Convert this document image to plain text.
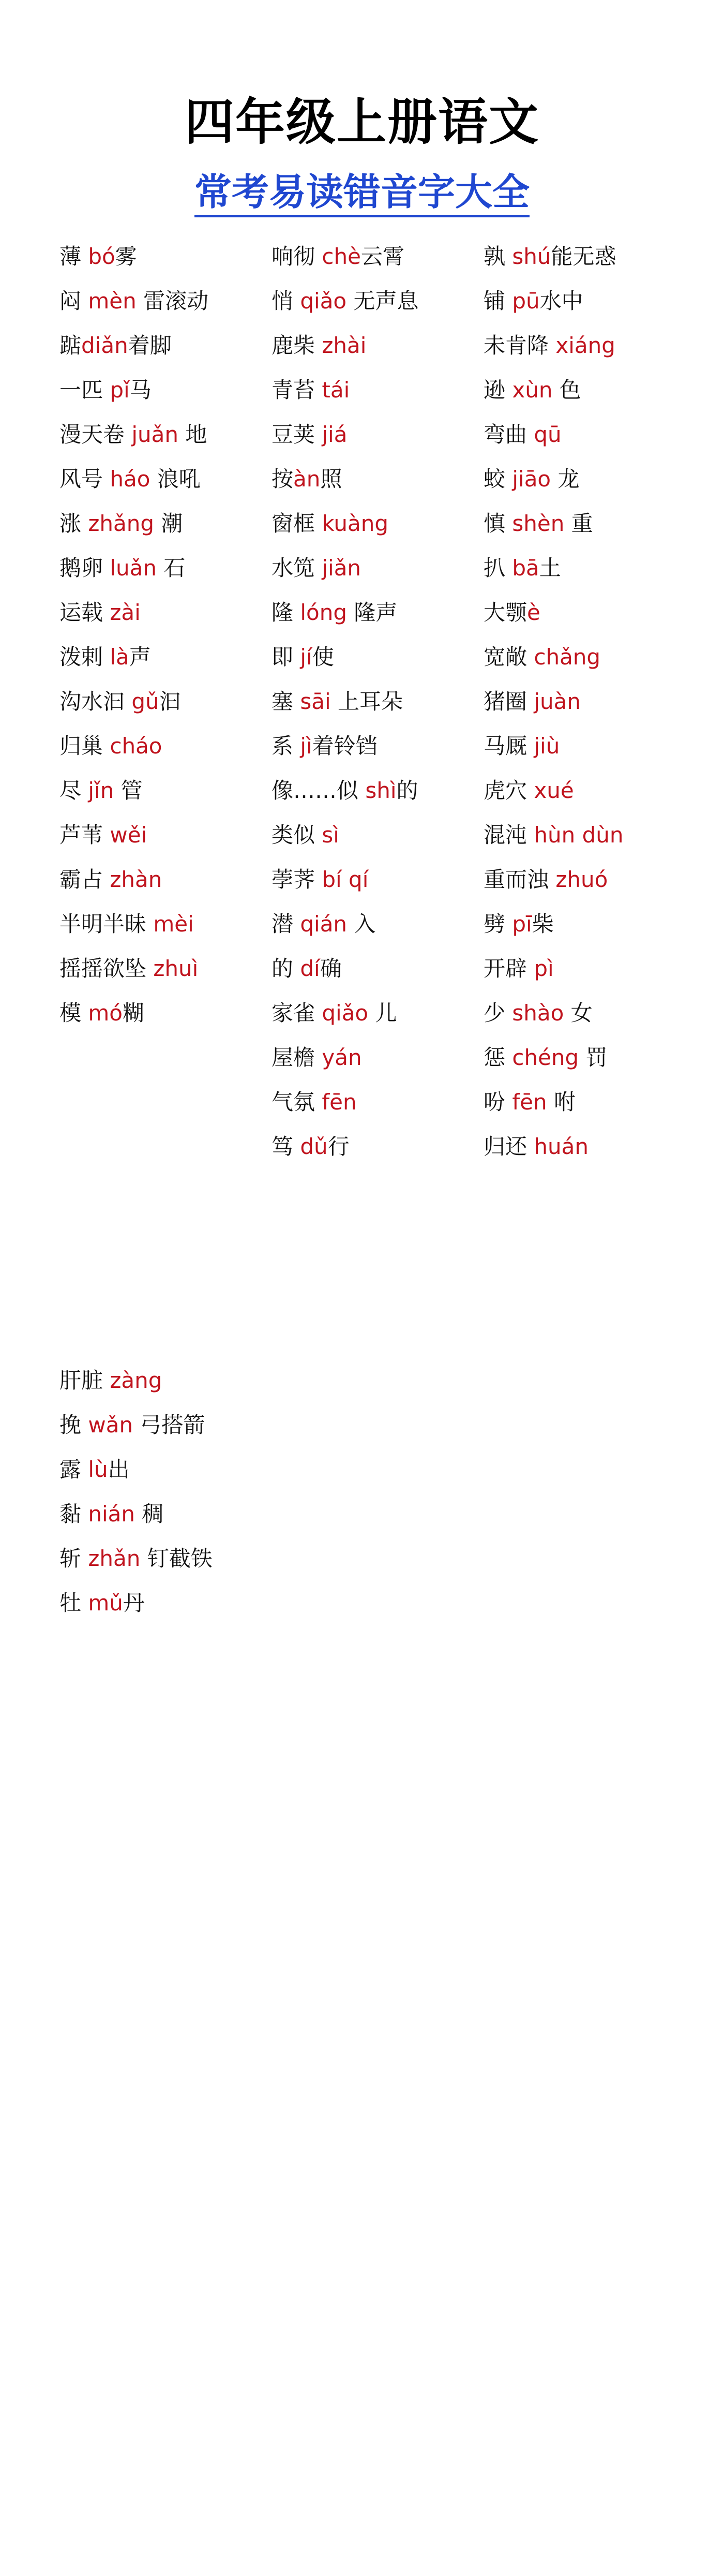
四年级上册语文
常考易读错音字大全
薄 bó雾
闷 mèn 雷滚动
踮diǎn着脚
一匹 pǐ马
漫天卷 juǎn 地
风号 háo 浪吼
涨 zhǎng 潮
鹅卵 luǎn 石
运载 zài
泼剌 là声
沟水汩 gǔ汩
归巢 cháo
尽 jǐn 管
芦苇 wěi
霸占 zhàn
半明半昧 mèi
摇摇欲坠 zhuì
模 mó糊
响彻 chè云霄
悄 qiǎo 无声息
鹿柴 zhài
青苔 tái
豆荚 jiá
按àn照
窗框 kuàng
水笕 jiǎn
隆 lóng 隆声
即 jí使
塞 sāi 上耳朵
系 jì着铃铛
像……似 shì的
类似 sì
荸荠 bí qí
潜 qián 入
的 dí确
家雀 qiǎo 儿
屋檐 yán
气氛 fēn
笃 dǔ行
孰 shú能无惑
铺 pū水中
未肯降 xiáng
逊 xùn 色
弯曲 qū
蛟 jiāo 龙
慎 shèn 重
扒 bā土
大颚è
宽敞 chǎng
猪圈 juàn
马厩 jiù
虎穴 xué
混沌 hùn dùn
重而浊 zhuó
劈 pī柴
开辟 pì
少 shào 女
惩 chéng 罚
吩 fēn 咐
归还 huán
肝脏 zàng
挽 wǎn 弓搭箭
露 lù出
黏 nián 稠
斩 zhǎn 钉截铁
牡 mǔ丹
